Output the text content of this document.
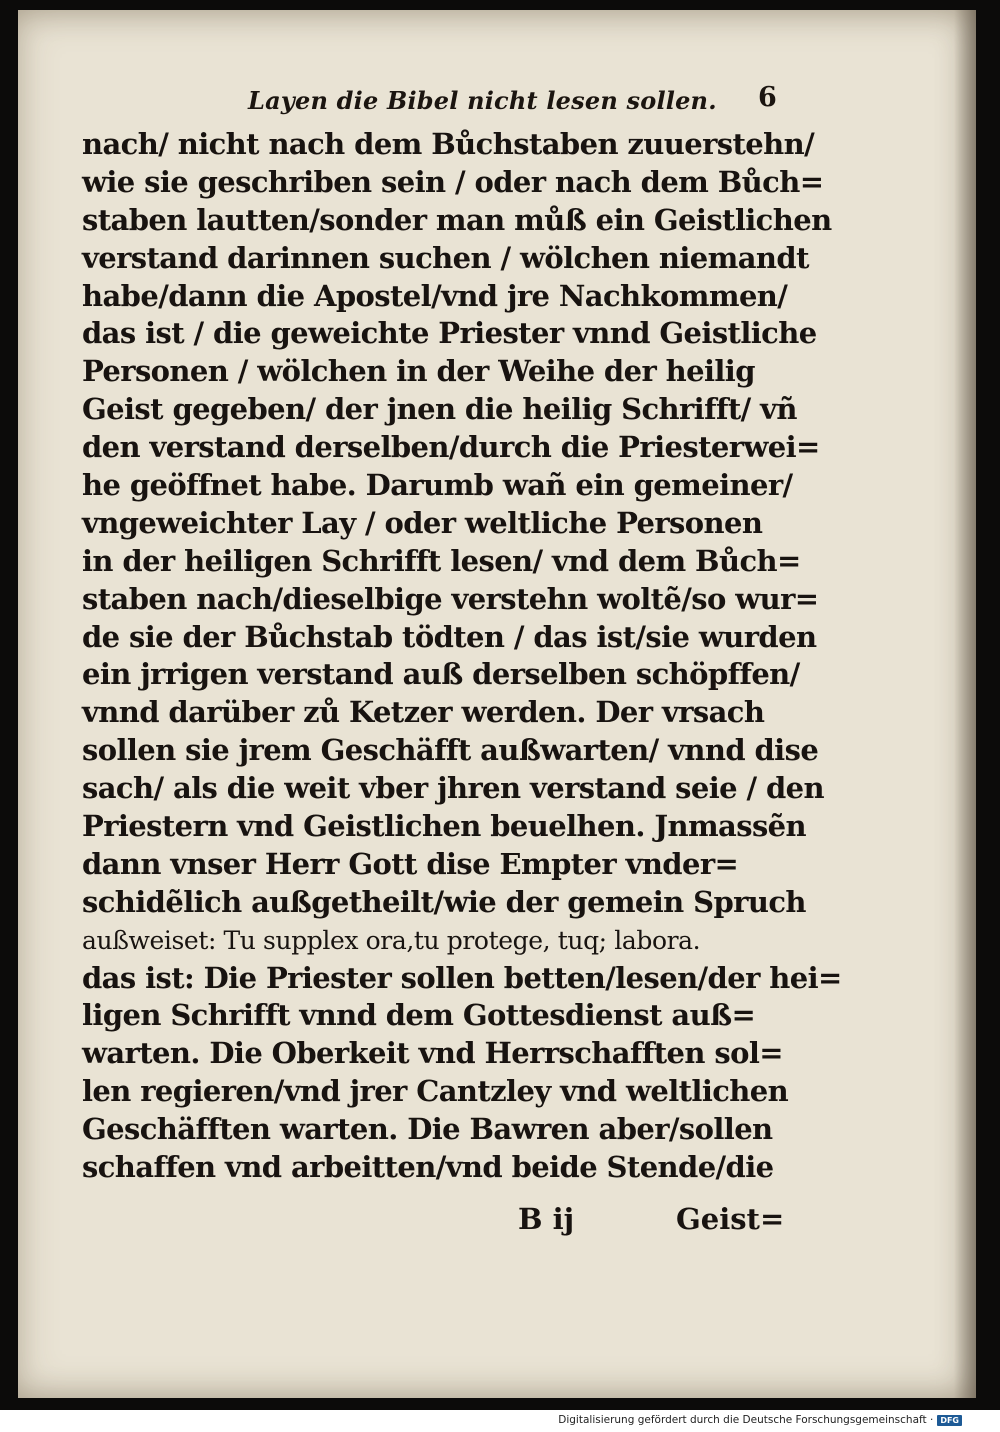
Layen die Bibel nicht lesen sollen. 6
nach/ nicht nach dem Bůchstaben zuuerstehn/
wie sie geschriben sein / oder nach dem Bůch=
staben lautten/sonder man můß ein Geistlichen
verstand darinnen suchen / wölchen niemandt
habe/dann die Apostel/vnd jre Nachkommen/
das ist / die geweichte Priester vnnd Geistliche
Personen / wölchen in der Weihe der heilig
Geist gegeben/ der jnen die heilig Schrifft/ vñ
den verstand derselben/durch die Priesterwei=
he geöffnet habe. Darumb wañ ein gemeiner/
vngeweichter Lay / oder weltliche Personen
in der heiligen Schrifft lesen/ vnd dem Bůch=
staben nach/dieselbige verstehn woltẽ/so wur=
de sie der Bůchstab tödten / das ist/sie wurden
ein jrrigen verstand auß derselben schöpffen/
vnnd darüber zů Ketzer werden. Der vrsach
sollen sie jrem Geschäfft außwarten/ vnnd dise
sach/ als die weit vber jhren verstand seie / den
Priestern vnd Geistlichen beuelhen. Jnmassẽn
dann vnser Herr Gott dise Empter vnder=
schidẽlich außgetheilt/wie der gemein Spruch
außweiset: Tu supplex ora,tu protege, tuq; labora.
das ist: Die Priester sollen betten/lesen/der hei=
ligen Schrifft vnnd dem Gottesdienst auß=
warten. Die Oberkeit vnd Herrschafften sol=
len regieren/vnd jrer Cantzley vnd weltlichen
Geschäfften warten. Die Bawren aber/sollen
schaffen vnd arbeitten/vnd beide Stende/die
B ij	Geist=
Digitalisierung gefördert durch die Deutsche Forschungsgemeinschaft · DFG
